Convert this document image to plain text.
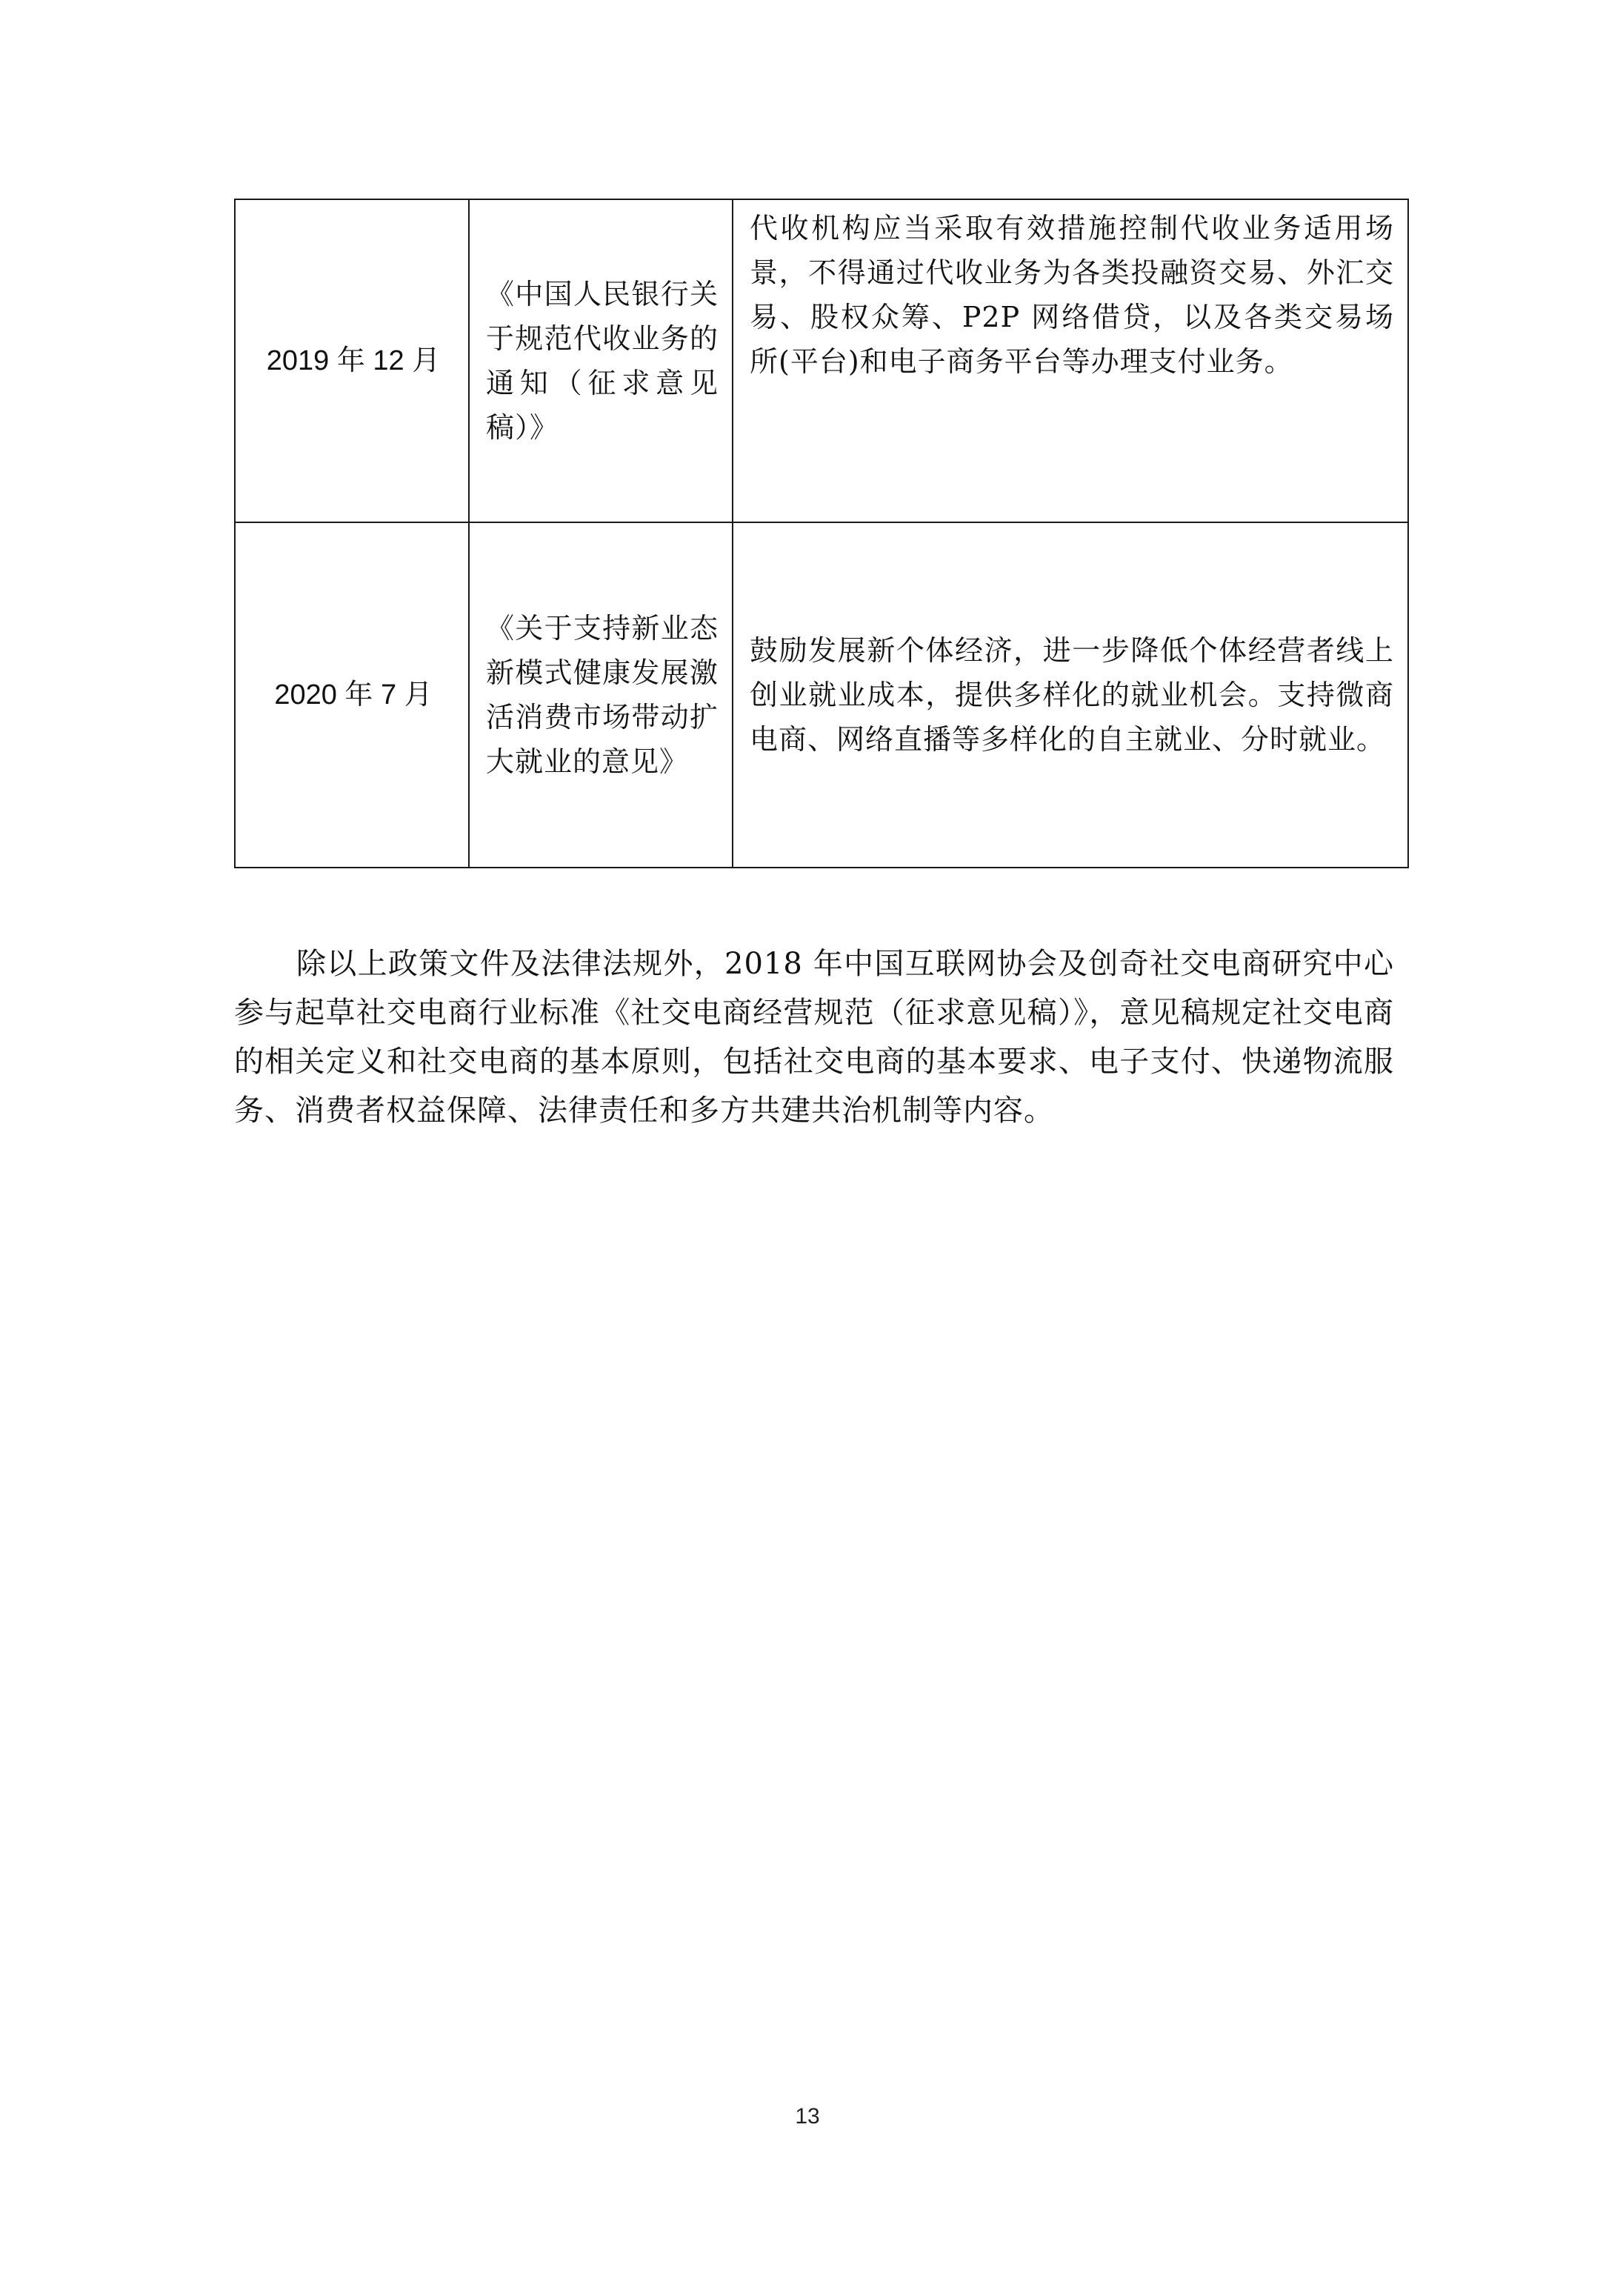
2019 年 12 月	《中国人民银行关于规范代收业务的通知（征求意见稿）》	代收机构应当采取有效措施控制代收业务适用场景，不得通过代收业务为各类投融资交易、外汇交易、股权众筹、P2P 网络借贷，以及各类交易场所(平台)和电子商务平台等办理支付业务。
2020 年 7 月	《关于支持新业态新模式健康发展激活消费市场带动扩大就业的意见》	鼓励发展新个体经济，进一步降低个体经营者线上创业就业成本，提供多样化的就业机会。支持微商电商、网络直播等多样化的自主就业、分时就业。

除以上政策文件及法律法规外，2018 年中国互联网协会及创奇社交电商研究中心参与起草社交电商行业标准《社交电商经营规范（征求意见稿）》，意见稿规定社交电商的相关定义和社交电商的基本原则，包括社交电商的基本要求、电子支付、快递物流服务、消费者权益保障、法律责任和多方共建共治机制等内容。

13
